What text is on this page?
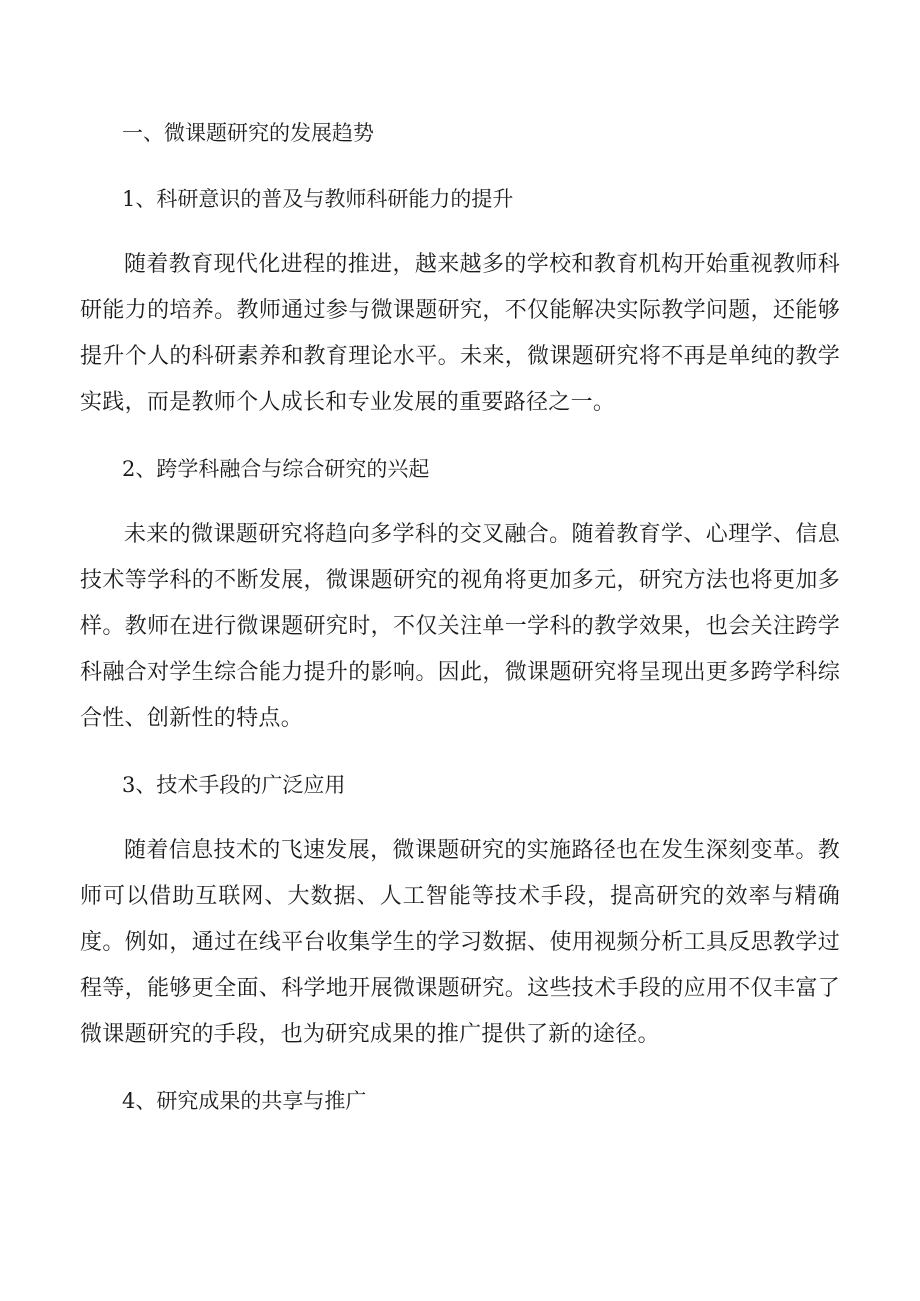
一、微课题研究的发展趋势
1、科研意识的普及与教师科研能力的提升
随着教育现代化进程的推进，越来越多的学校和教育机构开始重视教师科研能力的培养。教师通过参与微课题研究，不仅能解决实际教学问题，还能够提升个人的科研素养和教育理论水平。未来，微课题研究将不再是单纯的教学实践，而是教师个人成长和专业发展的重要路径之一。
2、跨学科融合与综合研究的兴起
未来的微课题研究将趋向多学科的交叉融合。随着教育学、心理学、信息技术等学科的不断发展，微课题研究的视角将更加多元，研究方法也将更加多样。教师在进行微课题研究时，不仅关注单一学科的教学效果，也会关注跨学科融合对学生综合能力提升的影响。因此，微课题研究将呈现出更多跨学科综合性、创新性的特点。
3、技术手段的广泛应用
随着信息技术的飞速发展，微课题研究的实施路径也在发生深刻变革。教师可以借助互联网、大数据、人工智能等技术手段，提高研究的效率与精确度。例如，通过在线平台收集学生的学习数据、使用视频分析工具反思教学过程等，能够更全面、科学地开展微课题研究。这些技术手段的应用不仅丰富了微课题研究的手段，也为研究成果的推广提供了新的途径。
4、研究成果的共享与推广
